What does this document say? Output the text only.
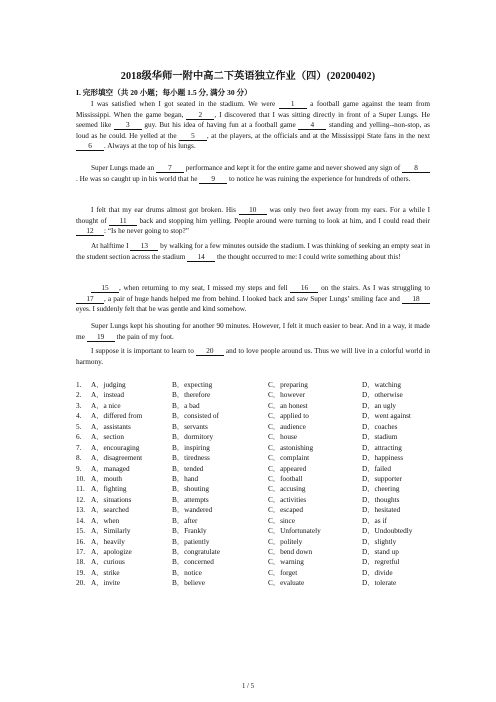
2018级华师一附中高二下英语独立作业（四）(20200402)
I. 完形填空（共 20 小题；每小题 1.5 分, 满分 30 分）

I was satisfied when I got seated in the stadium. We were 1 a football game against the team from Mississippi. When the game began, 2 , I discovered that I was sitting directly in front of a Super Lungs. He seemed like 3 guy. But his idea of having fun at a football game 4 standing and yelling--non-stop, as loud as he could. He yelled at the 5 , at the players, at the officials and at the Mississippi State fans in the next 6 . Always at the top of his lungs.

Super Lungs made an 7 performance and kept it for the entire game and never showed any sign of 8. He was so caught up in his world that he 9 to notice he was ruining the experience for hundreds of others.

I felt that my ear drums almost got broken. His 10 was only two feet away from my ears. For a while I thought of 11 back and stopping him yelling. People around were turning to look at him, and I could read their 12 : “Is he never going to stop?”

At halftime I 13 by walking for a few minutes outside the stadium. I was thinking of seeking an empty seat in the student section across the stadium 14 the thought occurred to me: I could write something about this!

15 , when returning to my seat, I missed my steps and fell 16 on the stairs. As I was struggling to 17 , a pair of huge hands helped me from behind. I looked back and saw Super Lungs’ smiling face and 18 eyes. I suddenly felt that he was gentle and kind somehow.

Super Lungs kept his shouting for another 90 minutes. However, I felt it much easier to bear. And in a way, it made me 19 the pain of my foot.

I suppose it is important to learn to 20 and to love people around us. Thus we will live in a colorful world in harmony.

1. A．judging	B．expecting	C．preparing	D．watching
2. A．instead	B．therefore	C．however	D．otherwise
3. A．a nice	B．a bad	C．an honest	D．an ugly
4. A．differed from	B．consisted of	C．applied to	D．went against
5. A．assistants	B．servants	C．audience	D．coaches
6. A．section	B．dormitory	C．house	D．stadium
7. A．encouraging	B．inspiring	C．astonishing	D．attracting
8. A．disagreement	B．tiredness	C．complaint	D．happiness
9. A．managed	B．tended	C．appeared	D．failed
10. A．mouth	B．hand	C．football	D．supporter
11. A．fighting	B．shouting	C．accusing	D．cheering
12. A．situations	B．attempts	C．activities	D．thoughts
13. A．searched	B．wandered	C．escaped	D．hesitated
14. A．when	B．after	C．since	D．as if
15. A．Similarly	B．Frankly	C．Unfortunately	D．Undoubtedly
16. A．heavily	B．patiently	C．politely	D．slightly
17. A．apologize	B．congratulate	C．bend down	D．stand up
18. A．curious	B．concerned	C．warning	D．regretful
19. A．strike	B．notice	C．forget	D．divide
20. A．invite	B．believe	C．evaluate	D．tolerate
1 / 5
